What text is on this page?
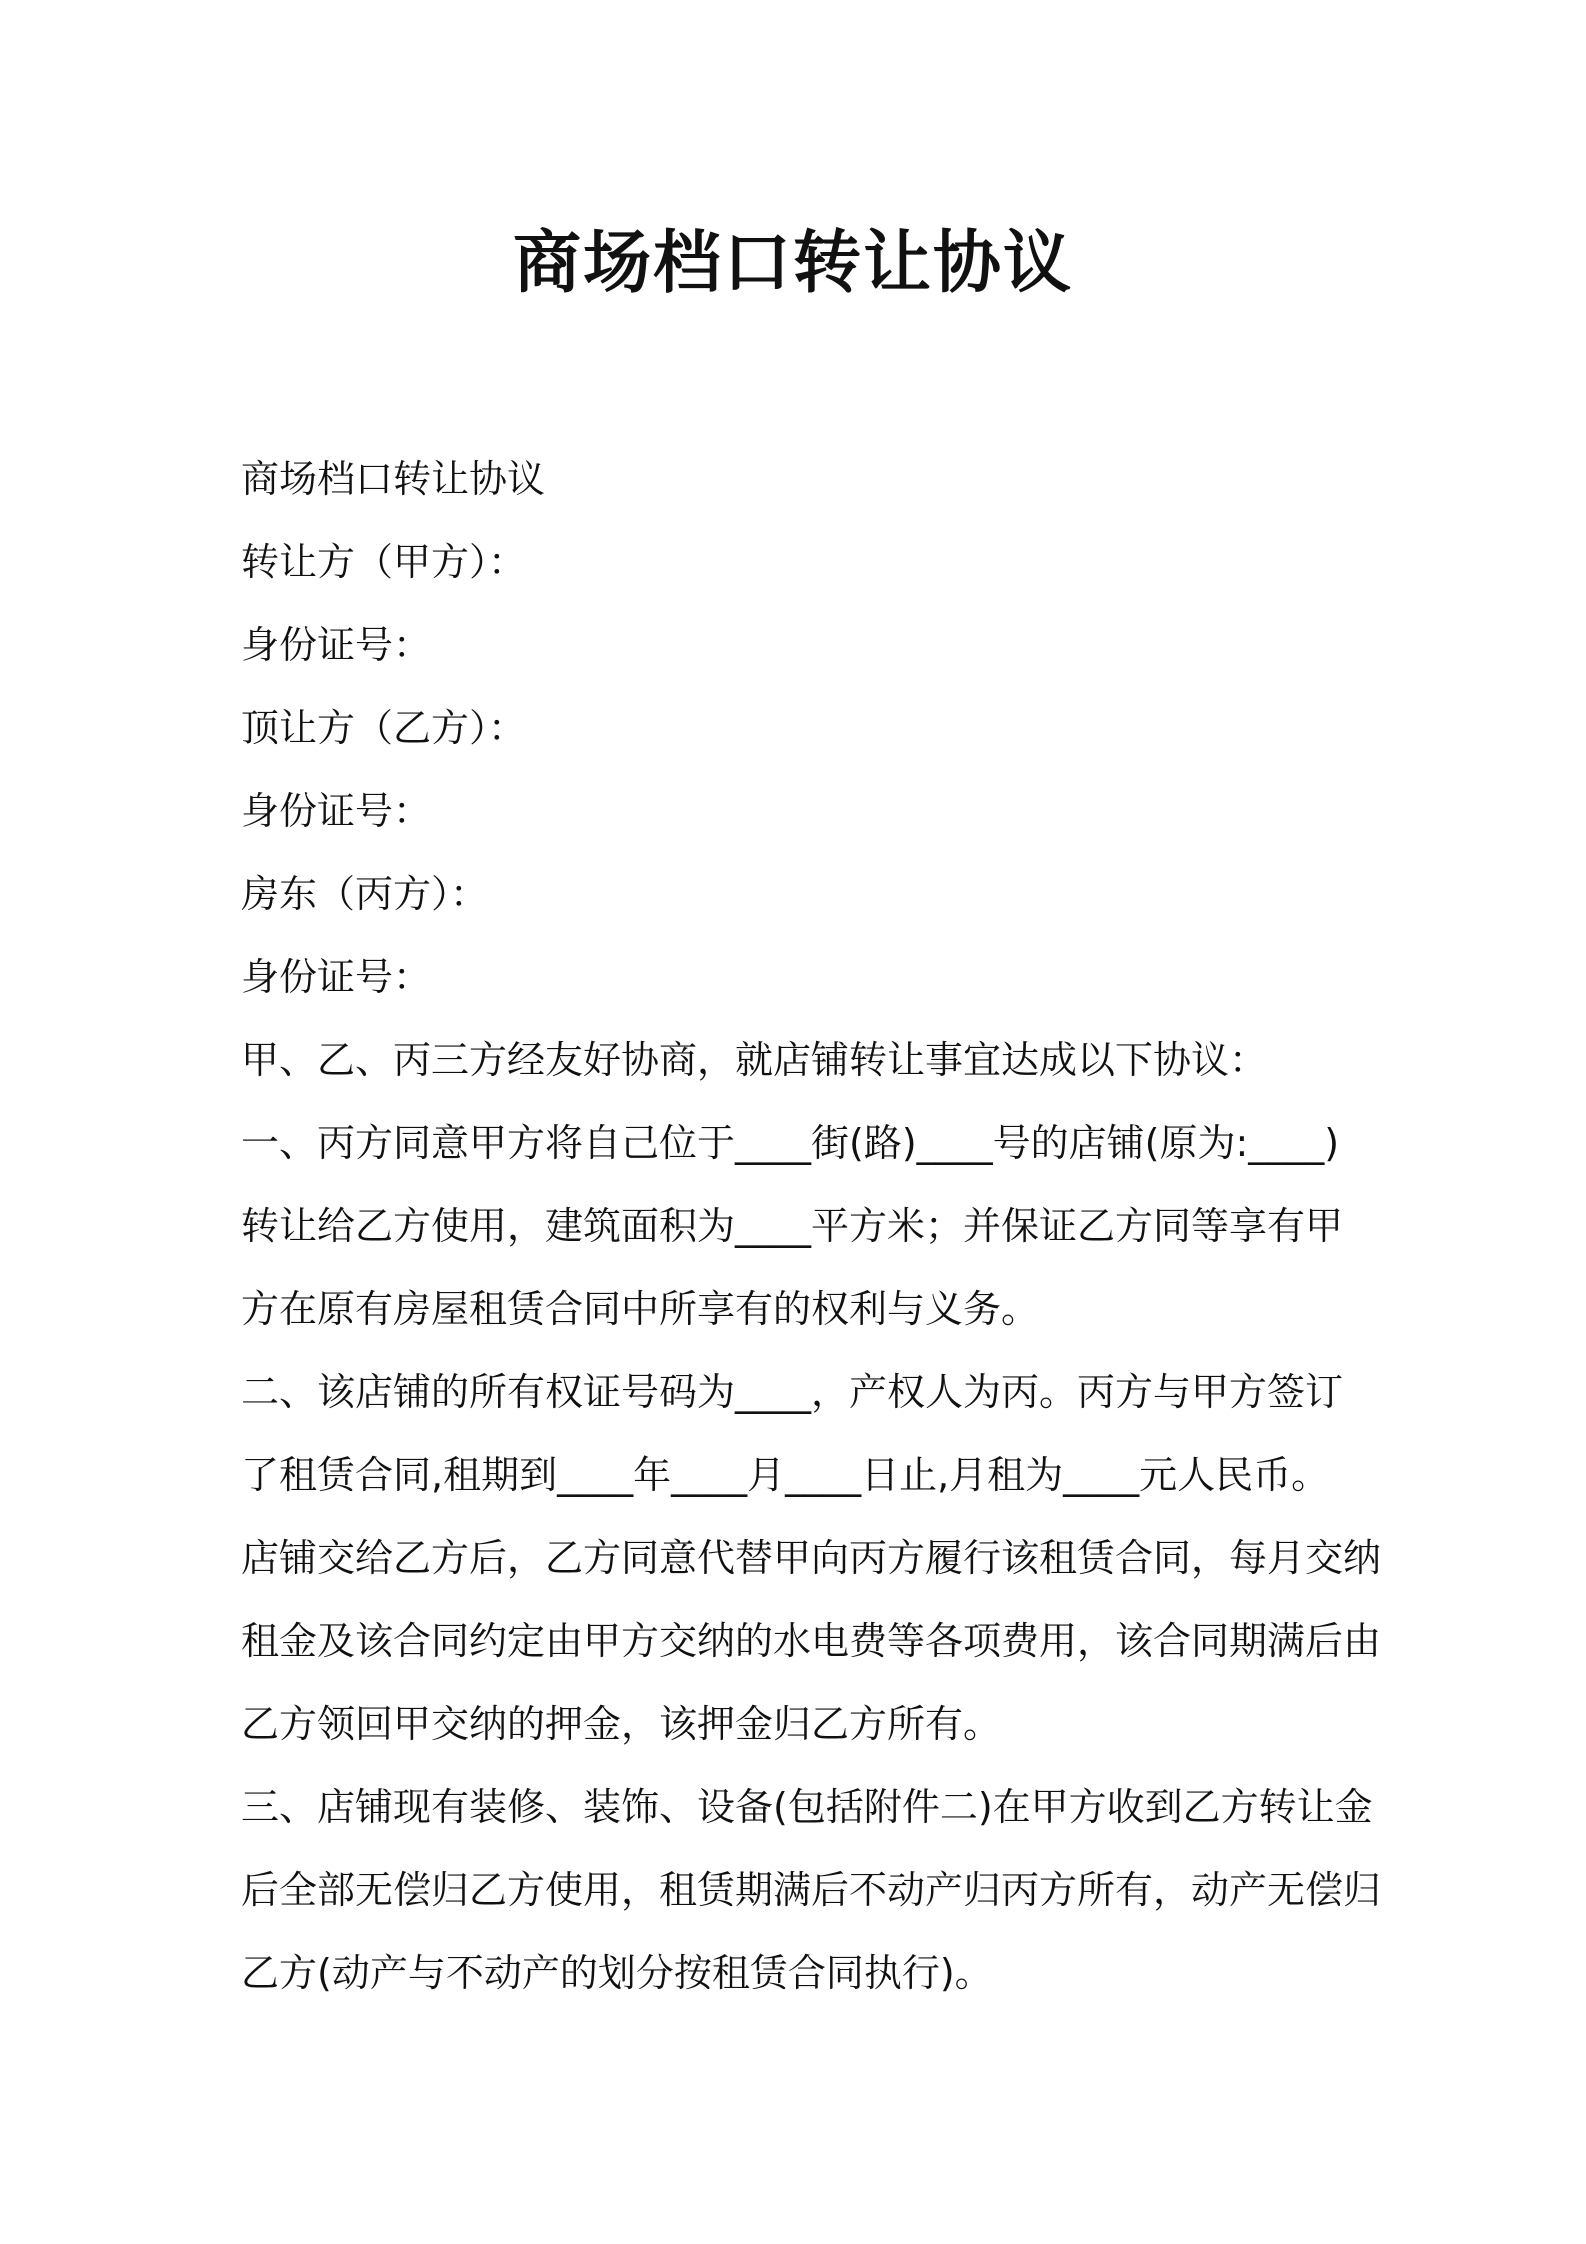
商场档口转让协议
商场档口转让协议
转让方（甲方）：
身份证号：
顶让方（乙方）：
身份证号：
房东（丙方）：
身份证号：
甲、乙、丙三方经友好协商，就店铺转让事宜达成以下协议：
一、丙方同意甲方将自己位于____街(路)____号的店铺(原为:____)
转让给乙方使用，建筑面积为____平方米；并保证乙方同等享有甲
方在原有房屋租赁合同中所享有的权利与义务。
二、该店铺的所有权证号码为____，产权人为丙。丙方与甲方签订
了租赁合同,租期到____年____月____日止,月租为____元人民币。
店铺交给乙方后，乙方同意代替甲向丙方履行该租赁合同，每月交纳
租金及该合同约定由甲方交纳的水电费等各项费用，该合同期满后由
乙方领回甲交纳的押金，该押金归乙方所有。
三、店铺现有装修、装饰、设备(包括附件二)在甲方收到乙方转让金
后全部无偿归乙方使用，租赁期满后不动产归丙方所有，动产无偿归
乙方(动产与不动产的划分按租赁合同执行)。
